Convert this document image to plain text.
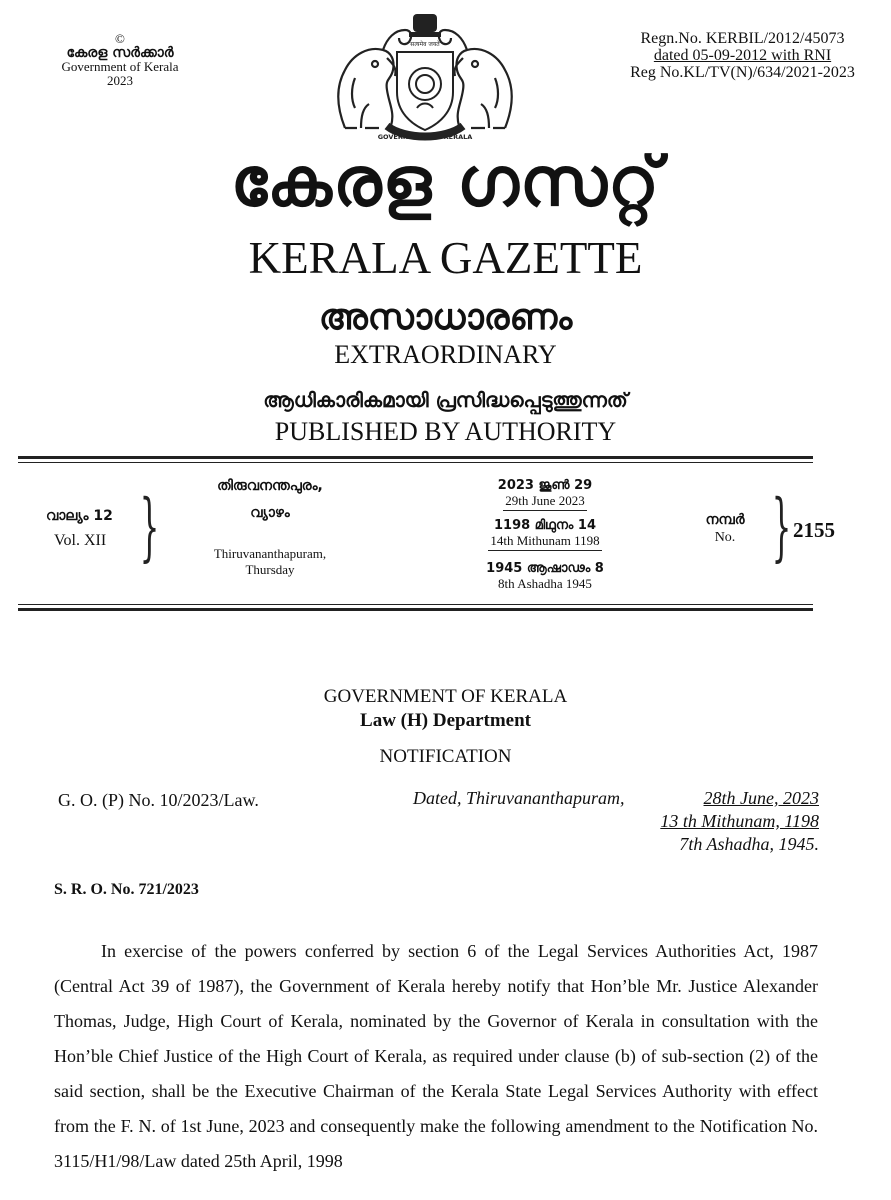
©
കേരള സർക്കാർ
Government of Kerala
2023
सत्यमेव जयते
GOVERNMENT OF KERALA
Regn.No. KERBIL/2012/45073
dated 05-09-2012 with RNI
Reg No.KL/TV(N)/634/2021-2023
കേരള ഗസറ്റ്
KERALA GAZETTE
അസാധാരണം
EXTRAORDINARY
ആധികാരികമായി പ്രസിദ്ധപ്പെടുത്തുന്നത്
PUBLISHED BY AUTHORITY
വാല്യം 12
Vol. XII }	തിരുവനന്തപുരം,
വ്യാഴം
Thiruvananthapuram,
Thursday
2023 ജൂൺ 29
29th June 2023
1198 മിഥുനം 14
14th Mithunam 1198
1945 ആഷാഢം 8
8th Ashadha 1945
നമ്പർ
No. } 2155
GOVERNMENT OF KERALA
Law (H) Department
NOTIFICATION
G. O. (P) No. 10/2023/Law.	Dated, Thiruvananthapuram,	28th June, 2023
13 th Mithunam, 1198
7th Ashadha, 1945.
S. R. O. No. 721/2023
In exercise of the powers conferred by section 6 of the Legal Services Authorities Act, 1987 (Central Act 39 of 1987), the Government of Kerala hereby notify that Hon’ble Mr. Justice Alexander Thomas, Judge, High Court of Kerala, nominated by the Governor of Kerala in consultation with the Hon’ble Chief Justice of the High Court of Kerala, as required under clause (b) of sub-section (2) of the said section, shall be the Executive Chairman of the Kerala State Legal Services Authority with effect from the F. N. of 1st June, 2023 and consequently make the following amendment to the Notification No. 3115/H1/98/Law dated 25th April, 1998
